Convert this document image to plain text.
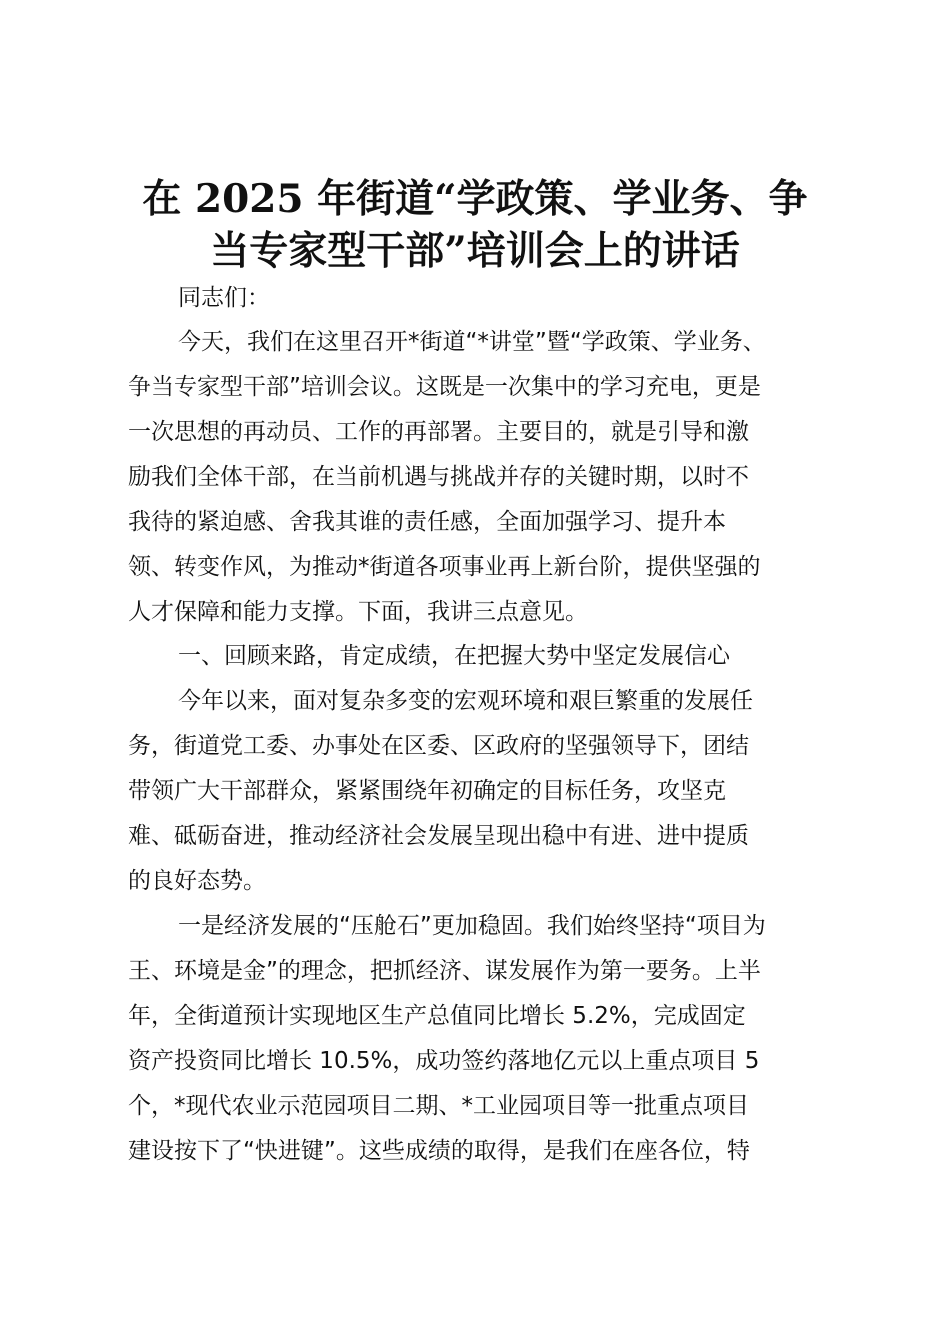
在 2025 年街道“学政策、学业务、争
当专家型干部”培训会上的讲话

同志们：

今天，我们在这里召开*街道“*讲堂”暨“学政策、学业务、

争当专家型干部”培训会议。这既是一次集中的学习充电，更是

一次思想的再动员、工作的再部署。主要目的，就是引导和激

励我们全体干部，在当前机遇与挑战并存的关键时期，以时不

我待的紧迫感、舍我其谁的责任感，全面加强学习、提升本

领、转变作风，为推动*街道各项事业再上新台阶，提供坚强的

人才保障和能力支撑。下面，我讲三点意见。

一、回顾来路，肯定成绩，在把握大势中坚定发展信心

今年以来，面对复杂多变的宏观环境和艰巨繁重的发展任

务，街道党工委、办事处在区委、区政府的坚强领导下，团结

带领广大干部群众，紧紧围绕年初确定的目标任务，攻坚克

难、砥砺奋进，推动经济社会发展呈现出稳中有进、进中提质

的良好态势。

一是经济发展的“压舱石”更加稳固。我们始终坚持“项目为

王、环境是金”的理念，把抓经济、谋发展作为第一要务。上半

年，全街道预计实现地区生产总值同比增长 5.2%，完成固定

资产投资同比增长 10.5%，成功签约落地亿元以上重点项目 5

个，*现代农业示范园项目二期、*工业园项目等一批重点项目

建设按下了“快进键”。这些成绩的取得，是我们在座各位，特
